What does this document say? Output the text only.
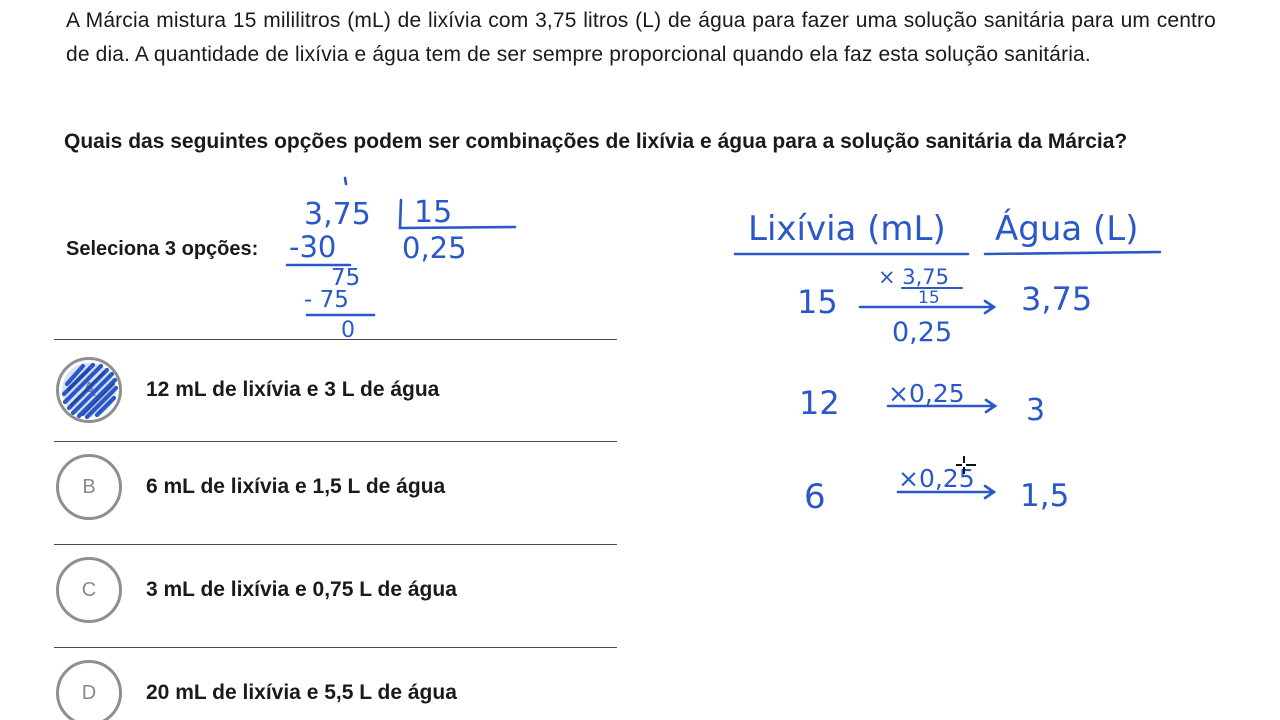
A Márcia mistura 15 mililitros (mL) de lixívia com 3,75 litros (L) de água para fazer uma solução sanitária para um centro de dia. A quantidade de lixívia e água tem de ser sempre proporcional quando ela faz esta solução sanitária.

Quais das seguintes opções podem ser combinações de lixívia e água para a solução sanitária da Márcia?

Seleciona 3 opções:
A 12 mL de lixívia e 3 L de água
B 6 mL de lixívia e 1,5 L de água
C 3 mL de lixívia e 0,75 L de água
D 20 mL de lixívia e 5,5 L de água
3,75 15
0,25
-30
75
- 75
0
Lixívia (mL) Água (L)
15
× 3,75
15
0,25
3,75
12 ×0,25 3
6	×0,25 1,5
